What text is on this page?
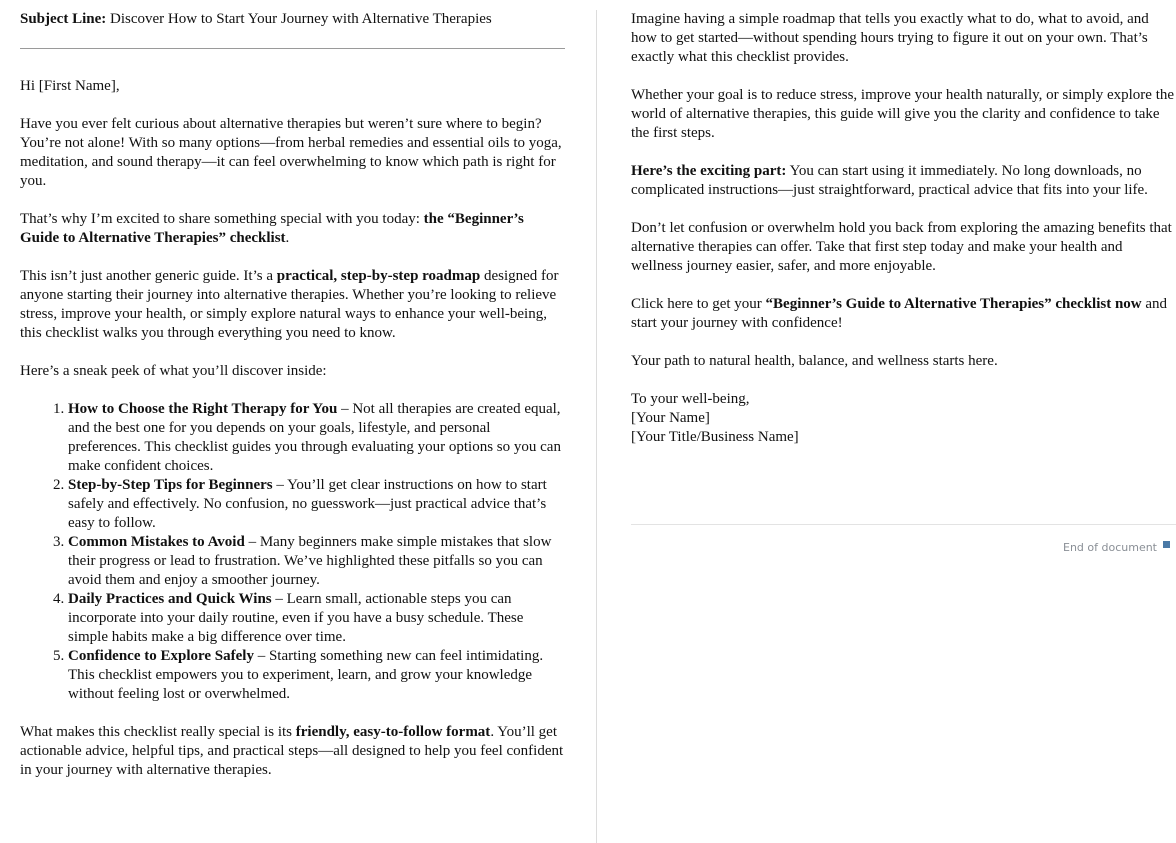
Subject Line: Discover How to Start Your Journey with Alternative Therapies

Hi [First Name],

Have you ever felt curious about alternative therapies but weren’t sure where to begin? You’re not alone! With so many options—from herbal remedies and essential oils to yoga, meditation, and sound therapy—it can feel overwhelming to know which path is right for you.

That’s why I’m excited to share something special with you today: the “Beginner’s Guide to Alternative Therapies” checklist.

This isn’t just another generic guide. It’s a practical, step-by-step roadmap designed for anyone starting their journey into alternative therapies. Whether you’re looking to relieve stress, improve your health, or simply explore natural ways to enhance your well-being, this checklist walks you through everything you need to know.

Here’s a sneak peek of what you’ll discover inside:

1. How to Choose the Right Therapy for You – Not all therapies are created equal, and the best one for you depends on your goals, lifestyle, and personal preferences. This checklist guides you through evaluating your options so you can make confident choices.
2. Step-by-Step Tips for Beginners – You’ll get clear instructions on how to start safely and effectively. No confusion, no guesswork—just practical advice that’s easy to follow.
3. Common Mistakes to Avoid – Many beginners make simple mistakes that slow their progress or lead to frustration. We’ve highlighted these pitfalls so you can avoid them and enjoy a smoother journey.
4. Daily Practices and Quick Wins – Learn small, actionable steps you can incorporate into your daily routine, even if you have a busy schedule. These simple habits make a big difference over time.
5. Confidence to Explore Safely – Starting something new can feel intimidating. This checklist empowers you to experiment, learn, and grow your knowledge without feeling lost or overwhelmed.

What makes this checklist really special is its friendly, easy-to-follow format. You’ll get actionable advice, helpful tips, and practical steps—all designed to help you feel confident in your journey with alternative therapies.

Imagine having a simple roadmap that tells you exactly what to do, what to avoid, and how to get started—without spending hours trying to figure it out on your own. That’s exactly what this checklist provides.

Whether your goal is to reduce stress, improve your health naturally, or simply explore the world of alternative therapies, this guide will give you the clarity and confidence to take the first steps.

Here’s the exciting part: You can start using it immediately. No long downloads, no complicated instructions—just straightforward, practical advice that fits into your life.

Don’t let confusion or overwhelm hold you back from exploring the amazing benefits that alternative therapies can offer. Take that first step today and make your health and wellness journey easier, safer, and more enjoyable.

Click here to get your “Beginner’s Guide to Alternative Therapies” checklist now and start your journey with confidence!

Your path to natural health, balance, and wellness starts here.

To your well-being,

[Your Name]

[Your Title/Business Name]

End of document
